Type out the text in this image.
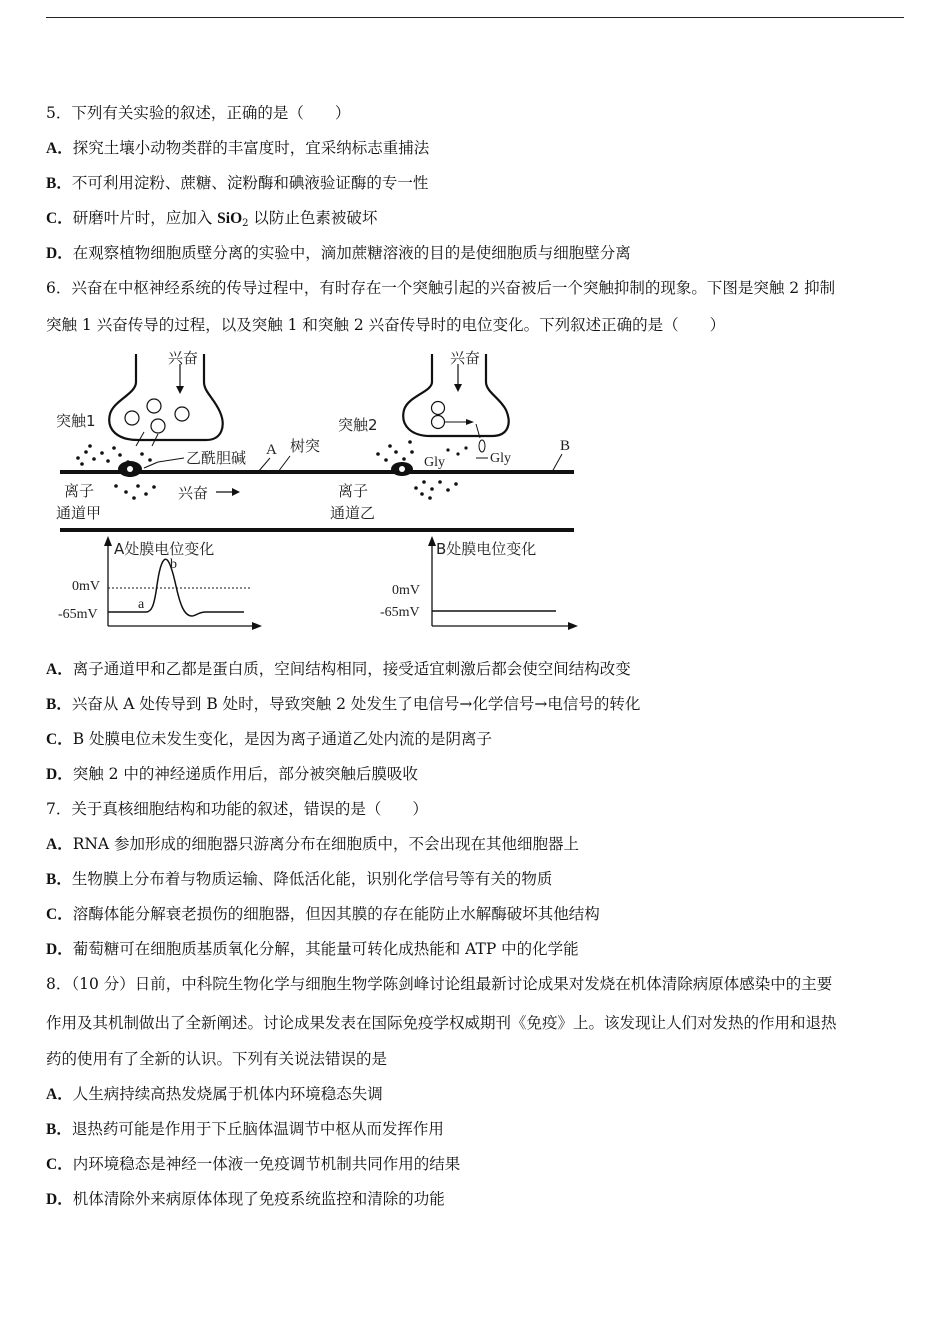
5．下列有关实验的叙述，正确的是（　　）
A．探究土壤小动物类群的丰富度时，宜采纳标志重捕法
B．不可利用淀粉、蔗糖、淀粉酶和碘液验证酶的专一性
C．研磨叶片时，应加入 SiO$_2$ 以防止色素被破坏
D．在观察植物细胞质壁分离的实验中，滴加蔗糖溶液的目的是使细胞质与细胞壁分离
6．兴奋在中枢神经系统的传导过程中，有时存在一个突触引起的兴奋被后一个突触抑制的现象。下图是突触 2 抑制
突触 1 兴奋传导的过程，以及突触 1 和突触 2 兴奋传导时的电位变化。下列叙述正确的是（　　）
兴奋	兴奋
突触1	突触2
乙酰胆碱 A 树突	B
Gly	Gly
离子
通道甲
兴奋	离子
通道乙
A处膜电位变化
0mV
-65mV
a
b
B处膜电位变化
0mV
-65mV
A．离子通道甲和乙都是蛋白质，空间结构相同，接受适宜刺激后都会使空间结构改变
B．兴奋从 A 处传导到 B 处时，导致突触 2 处发生了电信号→化学信号→电信号的转化
C．B 处膜电位未发生变化，是因为离子通道乙处内流的是阴离子
D．突触 2 中的神经递质作用后，部分被突触后膜吸收
7．关于真核细胞结构和功能的叙述，错误的是（　　）
A．RNA 参加形成的细胞器只游离分布在细胞质中，不会出现在其他细胞器上
B．生物膜上分布着与物质运输、降低活化能，识别化学信号等有关的物质
C．溶酶体能分解衰老损伤的细胞器，但因其膜的存在能防止水解酶破坏其他结构
D．葡萄糖可在细胞质基质氧化分解，其能量可转化成热能和 ATP 中的化学能
8．（10 分）日前，中科院生物化学与细胞生物学陈剑峰讨论组最新讨论成果对发烧在机体清除病原体感染中的主要
作用及其机制做出了全新阐述。讨论成果发表在国际免疫学权威期刊《免疫》上。该发现让人们对发热的作用和退热
药的使用有了全新的认识。下列有关说法错误的是
A．人生病持续高热发烧属于机体内环境稳态失调
B．退热药可能是作用于下丘脑体温调节中枢从而发挥作用
C．内环境稳态是神经一体液一免疫调节机制共同作用的结果
D．机体清除外来病原体体现了免疫系统监控和清除的功能
